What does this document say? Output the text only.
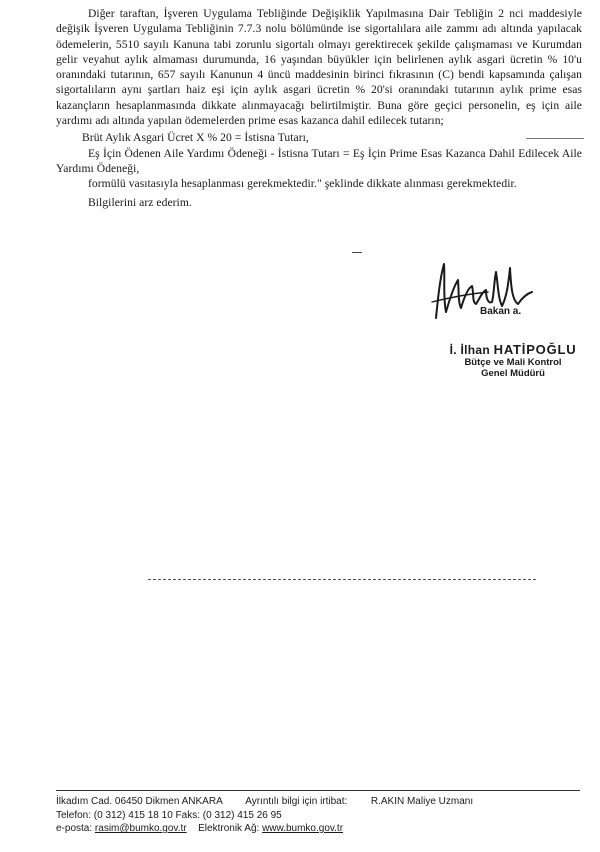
Diğer taraftan, İşveren Uygulama Tebliğinde Değişiklik Yapılmasına Dair Tebliğin 2 nci maddesiyle değişik İşveren Uygulama Tebliğinin 7.7.3 nolu bölümünde ise sigortalılara aile zammı adı altında yapılacak ödemelerin, 5510 sayılı Kanuna tabi zorunlu sigortalı olmayı gerektirecek şekilde çalışmaması ve Kurumdan gelir veyahut aylık almaması durumunda, 16 yaşından büyükler için belirlenen aylık asgari ücretin % 10'u oranındaki tutarının, 657 sayılı Kanunun 4 üncü maddesinin birinci fıkrasının (C) bendi kapsamında çalışan sigortalıların aynı şartları haiz eşi için aylık asgari ücretin % 20'si oranındaki tutarının aylık prime esas kazançların hesaplanmasında dikkate alınmayacağı belirtilmiştir. Buna göre geçici personelin, eş için aile yardımı adı altında yapılan ödemelerden prime esas kazanca dahil edilecek tutarın;

Brüt Aylık Asgari Ücret X % 20 = İstisna Tutarı,

Eş İçin Ödenen Aile Yardımı Ödeneği - İstisna Tutarı = Eş İçin Prime Esas Kazanca Dahil Edilecek Aile Yardımı Ödeneği,

formülü vasıtasıyla hesaplanması gerekmektedir." şeklinde dikkate alınması gerekmektedir.

Bilgilerini arz ederim.

Bakan a.
İ. İlhan HATİPOĞLU
Bütçe ve Mali Kontrol
Genel Müdürü
İlkadım Cad. 06450 Dikmen ANKARA Ayrıntılı bilgi için irtibat: R.AKIN Maliye Uzmanı
Telefon: (0 312) 415 18 10 Faks: (0 312) 415 26 95
e-posta: rasim@bumko.gov.tr Elektronik Ağ: www.bumko.gov.tr
